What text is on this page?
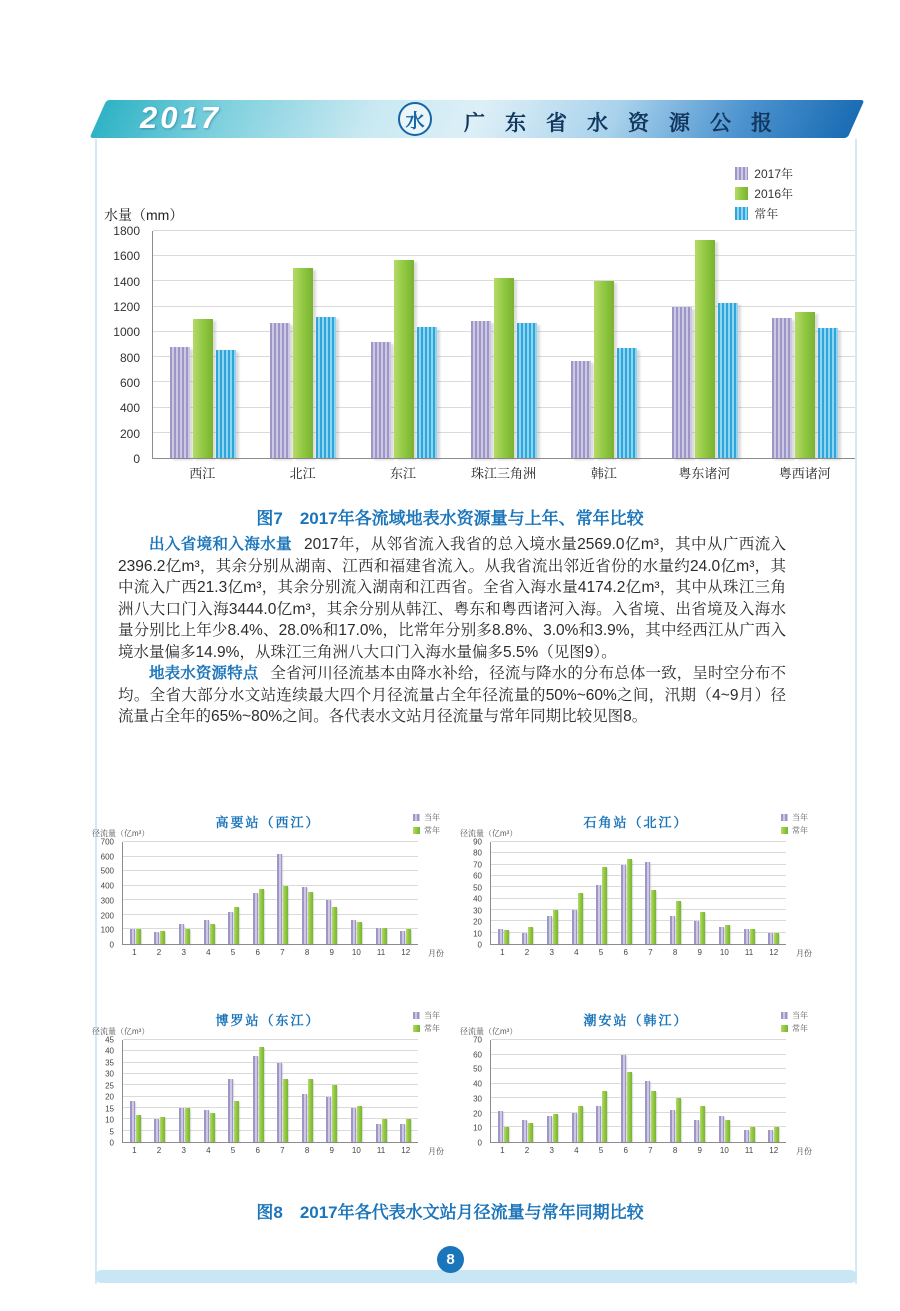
2017	水 广东省水资源公报
2017年
2016年
常年
水量（mm）
0
200
400
600
800
1000
1200
1400
1600
1800
西江	北江	东江	珠江三角洲	韩江	粤东诸河	粤西诸河
图7　2017年各流域地表水资源量与上年、常年比较

出入省境和入海水量 2017年，从邻省流入我省的总入境水量2569.0亿m³，其中从广西流入2396.2亿m³，其余分别从湖南、江西和福建省流入。从我省流出邻近省份的水量约24.0亿m³，其中流入广西21.3亿m³，其余分别流入湖南和江西省。全省入海水量4174.2亿m³，其中从珠江三角洲八大口门入海3444.0亿m³，其余分别从韩江、粤东和粤西诸河入海。入省境、出省境及入海水量分别比上年少8.4%、28.0%和17.0%，比常年分别多8.8%、3.0%和3.9%，其中经西江从广西入境水量偏多14.9%，从珠江三角洲八大口门入海水量偏多5.5%（见图9）。

地表水资源特点 全省河川径流基本由降水补给，径流与降水的分布总体一致，呈时空分布不均。全省大部分水文站连续最大四个月径流量占全年径流量的50%~60%之间，汛期（4~9月）径流量占全年的65%~80%之间。各代表水文站月径流量与常年同期比较见图8。

高要站（西江）	当年
常年
径流量（亿m³）
0
100
200
300
400
500
600
700
1	2	3	4	5	6	7	8	9	10	11	12	月份
石角站（北江）	当年
常年
径流量（亿m³）
0
10
20
30
40
50
60
70
80
90
1	2	3	4	5	6	7	8	9	10	11	12	月份
博罗站（东江）	当年
常年
径流量（亿m³）
0
5
10
15
20
25
30
35
40
45
1	2	3	4	5	6	7	8	9	10	11	12	月份
潮安站（韩江）	当年
常年
径流量（亿m³）
0
10
20
30
40
50
60
70
1	2	3	4	5	6	7	8	9	10	11	12	月份
图8　2017年各代表水文站月径流量与常年同期比较
8
